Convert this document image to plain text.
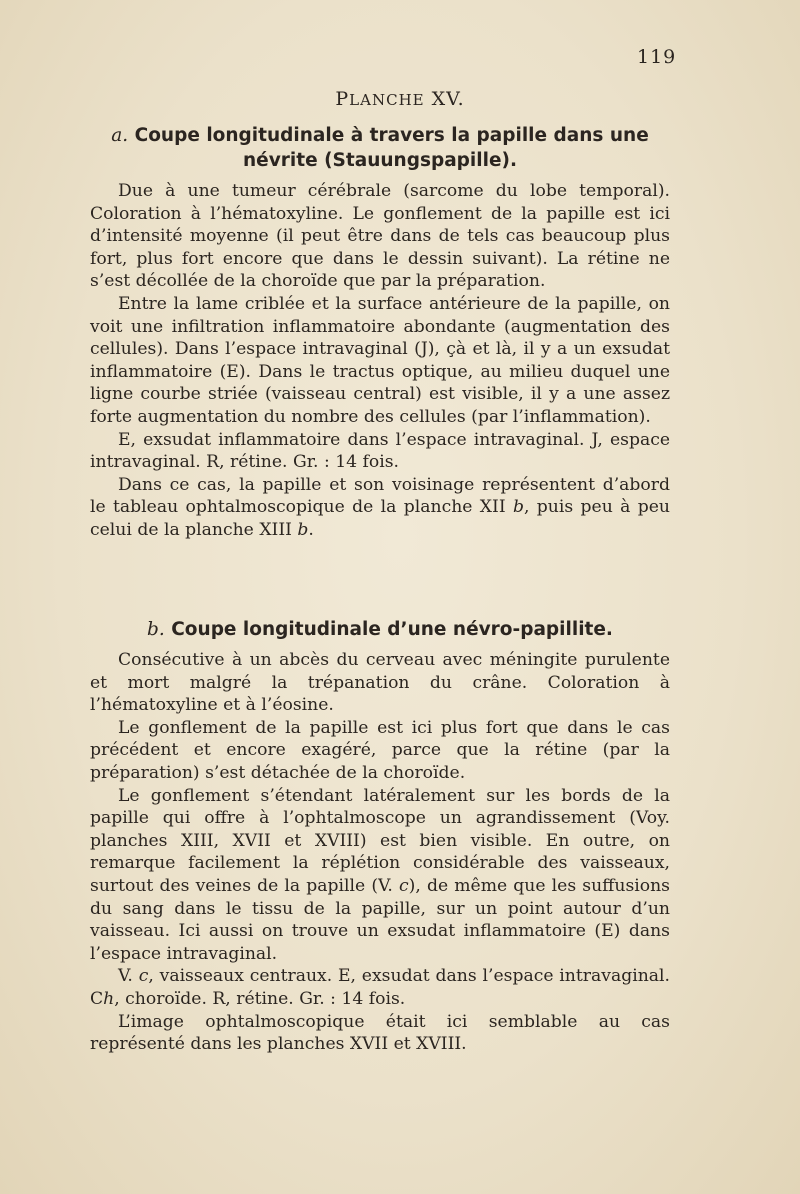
119
PLANCHE XV.
a. Coupe longitudinale à travers la papille dans une névrite (Stauungspapille).

Due à une tumeur cérébrale (sarcome du lobe temporal). Coloration à l’hématoxyline. Le gonflement de la papille est ici d’intensité moyenne (il peut être dans de tels cas beaucoup plus fort, plus fort encore que dans le dessin suivant). La rétine ne s’est décollée de la choroïde que par la préparation.

Entre la lame criblée et la surface antérieure de la papille, on voit une infiltration inflammatoire abondante (augmentation des cellules). Dans l’espace intravaginal (J), çà et là, il y a un exsudat inflammatoire (E). Dans le tractus optique, au milieu duquel une ligne courbe striée (vaisseau central) est visible, il y a une assez forte augmentation du nombre des cellules (par l’inflammation).

E, exsudat inflammatoire dans l’espace intravaginal. J, espace intravaginal. R, rétine. Gr. : 14 fois.

Dans ce cas, la papille et son voisinage représentent d’abord le tableau ophtalmoscopique de la planche XII b, puis peu à peu celui de la planche XIII b.

b. Coupe longitudinale d’une névro-papillite.

Consécutive à un abcès du cerveau avec méningite purulente et mort malgré la trépanation du crâne. Coloration à l’hématoxyline et à l’éosine.

Le gonflement de la papille est ici plus fort que dans le cas précédent et encore exagéré, parce que la rétine (par la préparation) s’est détachée de la choroïde.

Le gonflement s’étendant latéralement sur les bords de la papille qui offre à l’ophtalmoscope un agrandissement (Voy. planches XIII, XVII et XVIII) est bien visible. En outre, on remarque facilement la réplétion considérable des vaisseaux, surtout des veines de la papille (V. c), de même que les suffusions du sang dans le tissu de la papille, sur un point autour d’un vaisseau. Ici aussi on trouve un exsudat inflammatoire (E) dans l’espace intravaginal.

V. c, vaisseaux centraux. E, exsudat dans l’espace intravaginal. Ch, choroïde. R, rétine. Gr. : 14 fois.

L’image ophtalmoscopique était ici semblable au cas représenté dans les planches XVII et XVIII.
